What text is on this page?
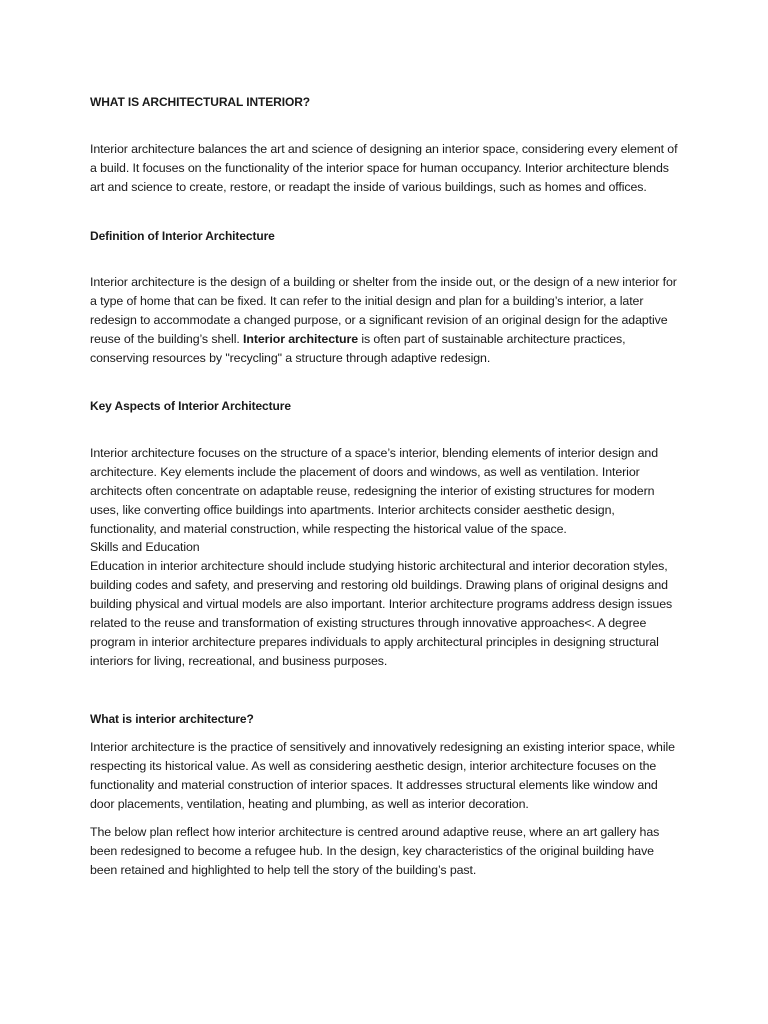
WHAT IS ARCHITECTURAL INTERIOR?

Interior architecture balances the art and science of designing an interior space, considering every element of a build. It focuses on the functionality of the interior space for human occupancy. Interior architecture blends art and science to create, restore, or readapt the inside of various buildings, such as homes and offices.

Definition of Interior Architecture

Interior architecture is the design of a building or shelter from the inside out, or the design of a new interior for a type of home that can be fixed. It can refer to the initial design and plan for a building’s interior, a later redesign to accommodate a changed purpose, or a significant revision of an original design for the adaptive reuse of the building’s shell. Interior architecture is often part of sustainable architecture practices, conserving resources by "recycling" a structure through adaptive redesign.

Key Aspects of Interior Architecture

Interior architecture focuses on the structure of a space’s interior, blending elements of interior design and architecture. Key elements include the placement of doors and windows, as well as ventilation. Interior architects often concentrate on adaptable reuse, redesigning the interior of existing structures for modern uses, like converting office buildings into apartments. Interior architects consider aesthetic design, functionality, and material construction, while respecting the historical value of the space.

Skills and Education

Education in interior architecture should include studying historic architectural and interior decoration styles, building codes and safety, and preserving and restoring old buildings. Drawing plans of original designs and building physical and virtual models are also important. Interior architecture programs address design issues related to the reuse and transformation of existing structures through innovative approaches<. A degree program in interior architecture prepares individuals to apply architectural principles in designing structural interiors for living, recreational, and business purposes.

What is interior architecture?

Interior architecture is the practice of sensitively and innovatively redesigning an existing interior space, while respecting its historical value. As well as considering aesthetic design, interior architecture focuses on the functionality and material construction of interior spaces. It addresses structural elements like window and door placements, ventilation, heating and plumbing, as well as interior decoration.

The below plan reflect how interior architecture is centred around adaptive reuse, where an art gallery has been redesigned to become a refugee hub. In the design, key characteristics of the original building have been retained and highlighted to help tell the story of the building’s past.
